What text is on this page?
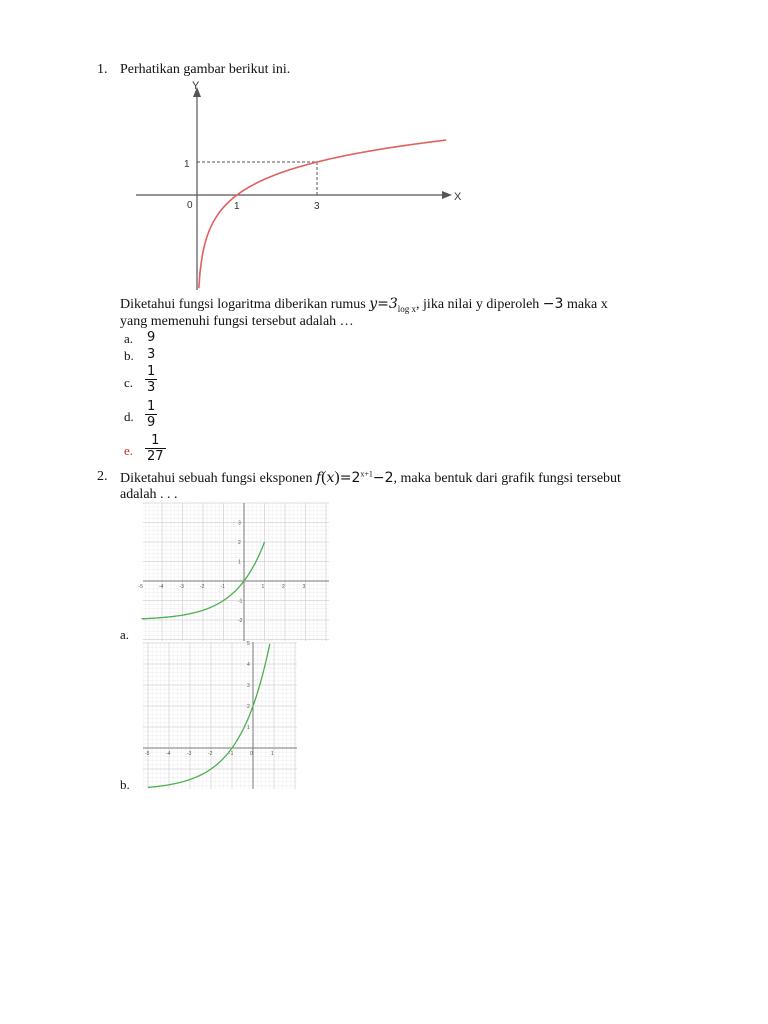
1. Perhatikan gambar berikut ini.
Y
X
0	1	3
1
Diketahui fungsi logaritma diberikan rumus $y=3_{log x}$, jika nilai y diperoleh −3 maka x
yang memenuhi fungsi tersebut adalah …
a. 9
b. 3
c. $\frac{1}{3}$
d. $\frac{1}{9}$
e. $\frac{1}{27}$
2. Diketahui sebuah fungsi eksponen $f(x)=2^{x+1}-2$, maka bentuk dari grafik fungsi tersebut
adalah . . .
-5	-4	-3	-2	-1	1	2	3
3
2
1
-1
-2
a.
-5	-4	-3	-2	-1	0	1
5
4
3
2
1
b.
